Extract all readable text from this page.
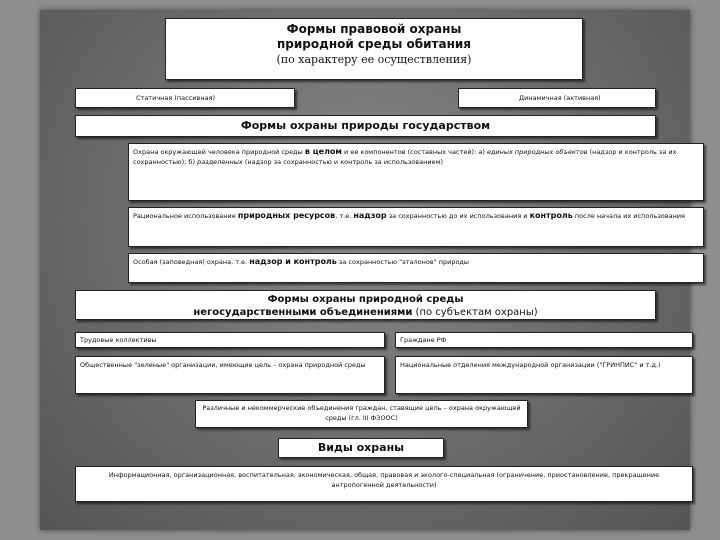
Формы правовой охраны
природной среды обитания
(по характеру ее осуществления)
Статичная (пассивная)	Динамичная (активная)
Формы охраны природы государством
Охрана окружающей человека природной среды в целом и ее компонентов (составных частей): а) единых природных объектов (надзор и контроль за их сохранностью); б) разделенных (надзор за сохранностью и контроль за использованием)
Рациональное использование природных ресурсов, т.е. надзор за сохранностью до их использования и контроль после начала их использования
Особая (заповедная) охрана, т.е. надзор и контроль за сохранностью "эталонов" природы
Формы охраны природной среды
негосударственными объединениями (по субъектам охраны)
Трудовые коллективы	Граждане РФ
Общественные "зеленые" организации, имеющие цель – охрана природной среды	Национальные отделения международной организации ("ГРИНПИС" и т.д.)
Различные и некоммерческие объединения граждан, ставящие цель – охрана окружающей среды (гл. III ФЗООС)
Виды охраны
Информационная, организационная, воспитательная, экономическая, общая, правовая и эколого-специальная (ограничение, приостановление, прекращение антропогенной деятельности)
